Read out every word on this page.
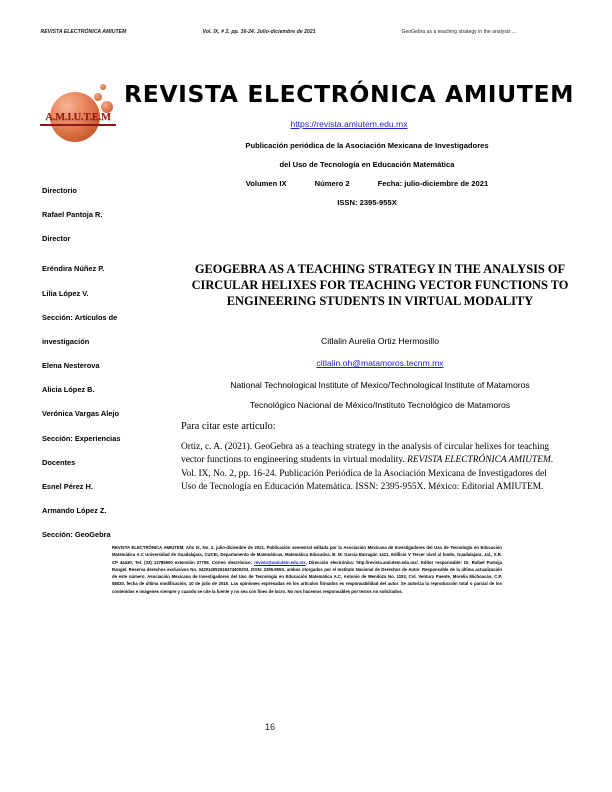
REVISTA ELECTRÓNICA AMIUTEM	Vol. IX, # 2, pp. 16-24. Julio-diciembre de 2021	GeoGebra as a teaching strategy in the analysis ...
A.M.I.U.T.E.M
REVISTA ELECTRÓNICA AMIUTEM
https://revista.amiutem.edu.mx
Publicación periódica de la Asociación Mexicana de Investigadores
del Uso de Tecnología en Educación Matemática
Volumen IX	Número 2	Fecha: julio-diciembre de 2021
ISSN: 2395-955X
Directorio
Rafael Pantoja R.
Director
Eréndira Núñez P.
Lilia López V.
Sección: Artículos de
investigación
Elena Nesterova
Alicia López B.
Verónica Vargas Alejo
Sección: Experiencias
Docentes
Esnel Pérez H.
Armando López Z.
Sección: GeoGebra
GEOGEBRA AS A TEACHING STRATEGY IN THE ANALYSIS OF CIRCULAR HELIXES FOR TEACHING VECTOR FUNCTIONS TO ENGINEERING STUDENTS IN VIRTUAL MODALITY
Citlalin Aurelia Ortiz Hermosillo
citlalin.oh@matamoros.tecnm.mx
National Technological Institute of Mexico/Technological Institute of Matamoros
Tecnológico Nacional de México/Instituto Tecnológico de Matamoros
Para citar este artículo:
Ortiz, c. A. (2021). GeoGebra as a teaching strategy in the analysis of circular helixes for teaching vector functions to engineering students in virtual modality. REVISTA ELECTRÓNICA AMIUTEM. Vol. IX, No. 2, pp. 16-24. Publicación Periódica de la Asociación Mexicana de Investigadores del Uso de Tecnología en Educación Matemática. ISSN: 2395-955X. México: Editorial AMIUTEM.
REVISTA ELECTRÓNICA AMIUTEM, Año IX, No. 2, julio-diciembre de 2021, Publicación semestral editada por la Asociación Mexicana de Investigadores del Uso de Tecnología en Educación Matemática A.C Universidad de Guadalajara, CUCEI, Departamento de Matemáticas, Matemática Educativa. B. M. García Barragán 1421, Edificio V Tercer nivel al fondo, Guadalajara, Jal., S.R. CP 44430, Tel. (33) 13785900 extensión 27759. Correo electrónico: revista@amiutem.edu.mx, Dirección electrónica: http://revista.amiutem.edu.mx/. Editor responsable: Dr. Rafael Pantoja Rangel. Reserva derechos exclusivos No. 042014052618474400203, ISSN: 2395.955X, ambos otorgados por el Instituto Nacional de Derechos de Autor. Responsable de la última actualización de este número, Asociación Mexicana de Investigadores del Uso de Tecnología en Educación Matemática A.C, Antonio de Mendoza No. 1153, Col. Ventura Puente, Morelia Michoacán, C.P. 58020, fecha de última modificación, 10 de julio de 2016. Las opiniones expresadas en los artículos firmados es responsabilidad del autor. Se autoriza la reproducción total o parcial de los contenidos e imágenes siempre y cuando se cite la fuente y no sea con fines de lucro. No nos hacemos responsables por textos no solicitados.
16
